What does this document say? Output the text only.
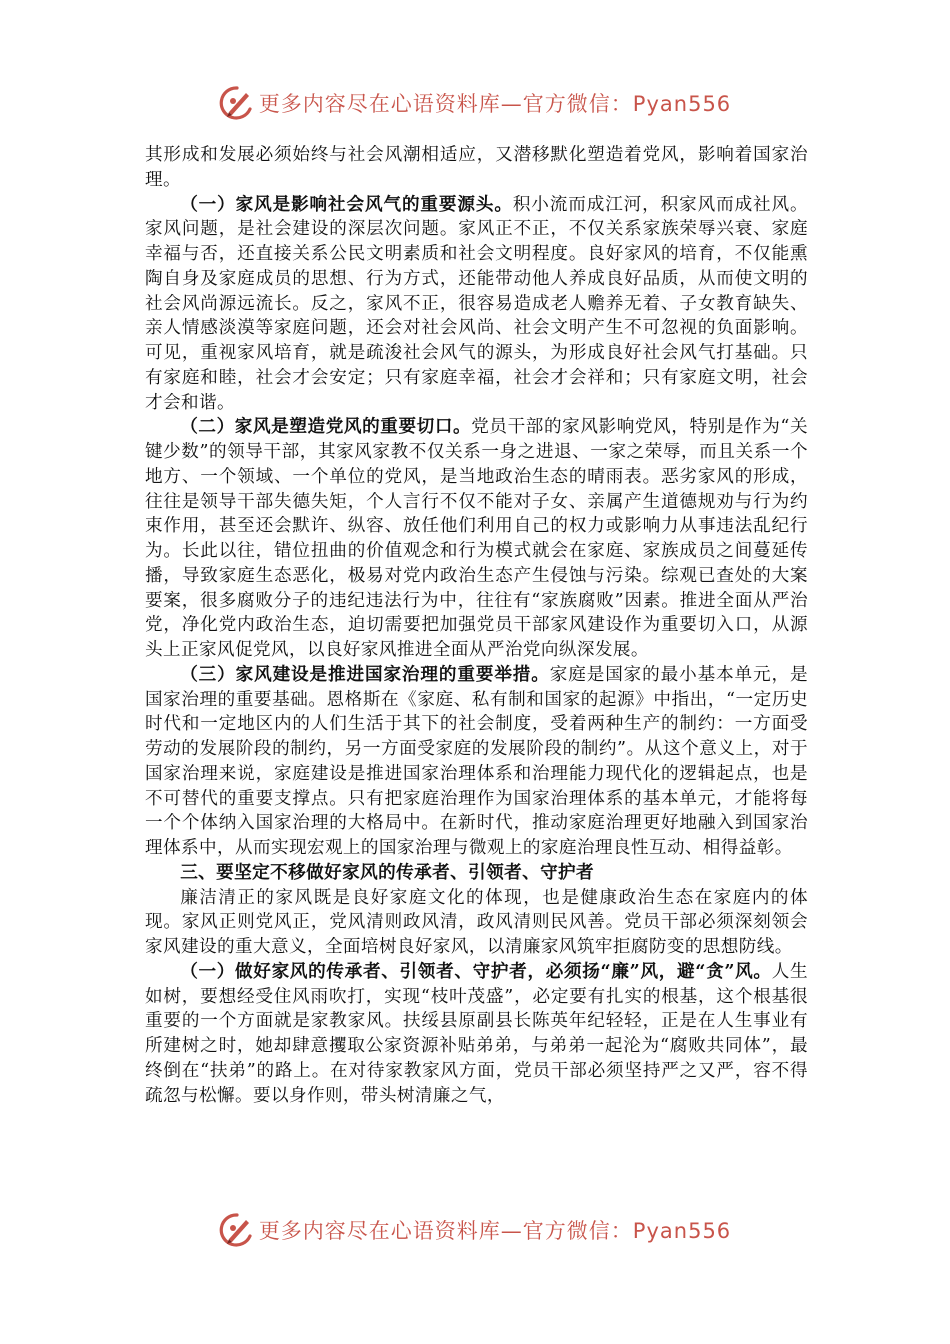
更多内容尽在心语资料库—官方微信：Pyan556

其形成和发展必须始终与社会风潮相适应，又潜移默化塑造着党风，影响着国家治理。

（一）家风是影响社会风气的重要源头。积小流而成江河，积家风而成社风。家风问题，是社会建设的深层次问题。家风正不正，不仅关系家族荣辱兴衰、家庭幸福与否，还直接关系公民文明素质和社会文明程度。良好家风的培育，不仅能熏陶自身及家庭成员的思想、行为方式，还能带动他人养成良好品质，从而使文明的社会风尚源远流长。反之，家风不正，很容易造成老人赡养无着、子女教育缺失、亲人情感淡漠等家庭问题，还会对社会风尚、社会文明产生不可忽视的负面影响。可见，重视家风培育，就是疏浚社会风气的源头，为形成良好社会风气打基础。只有家庭和睦，社会才会安定；只有家庭幸福，社会才会祥和；只有家庭文明，社会才会和谐。

（二）家风是塑造党风的重要切口。党员干部的家风影响党风，特别是作为“关键少数”的领导干部，其家风家教不仅关系一身之进退、一家之荣辱，而且关系一个地方、一个领域、一个单位的党风，是当地政治生态的晴雨表。恶劣家风的形成，往往是领导干部失德失矩，个人言行不仅不能对子女、亲属产生道德规劝与行为约束作用，甚至还会默许、纵容、放任他们利用自己的权力或影响力从事违法乱纪行为。长此以往，错位扭曲的价值观念和行为模式就会在家庭、家族成员之间蔓延传播，导致家庭生态恶化，极易对党内政治生态产生侵蚀与污染。综观已查处的大案要案，很多腐败分子的违纪违法行为中，往往有“家族腐败”因素。推进全面从严治党，净化党内政治生态，迫切需要把加强党员干部家风建设作为重要切入口，从源头上正家风促党风，以良好家风推进全面从严治党向纵深发展。

（三）家风建设是推进国家治理的重要举措。家庭是国家的最小基本单元，是国家治理的重要基础。恩格斯在《家庭、私有制和国家的起源》中指出，“一定历史时代和一定地区内的人们生活于其下的社会制度，受着两种生产的制约：一方面受劳动的发展阶段的制约，另一方面受家庭的发展阶段的制约”。从这个意义上，对于国家治理来说，家庭建设是推进国家治理体系和治理能力现代化的逻辑起点，也是不可替代的重要支撑点。只有把家庭治理作为国家治理体系的基本单元，才能将每一个个体纳入国家治理的大格局中。在新时代，推动家庭治理更好地融入到国家治理体系中，从而实现宏观上的国家治理与微观上的家庭治理良性互动、相得益彰。

三、要坚定不移做好家风的传承者、引领者、守护者

廉洁清正的家风既是良好家庭文化的体现，也是健康政治生态在家庭内的体现。家风正则党风正，党风清则政风清，政风清则民风善。党员干部必须深刻领会家风建设的重大意义，全面培树良好家风，以清廉家风筑牢拒腐防变的思想防线。

（一）做好家风的传承者、引领者、守护者，必须扬“廉”风，避“贪”风。人生如树，要想经受住风雨吹打，实现“枝叶茂盛”，必定要有扎实的根基，这个根基很重要的一个方面就是家教家风。扶绥县原副县长陈英年纪轻轻，正是在人生事业有所建树之时，她却肆意攫取公家资源补贴弟弟，与弟弟一起沦为“腐败共同体”，最终倒在“扶弟”的路上。在对待家教家风方面，党员干部必须坚持严之又严，容不得疏忽与松懈。要以身作则，带头树清廉之气，

更多内容尽在心语资料库—官方微信：Pyan556
